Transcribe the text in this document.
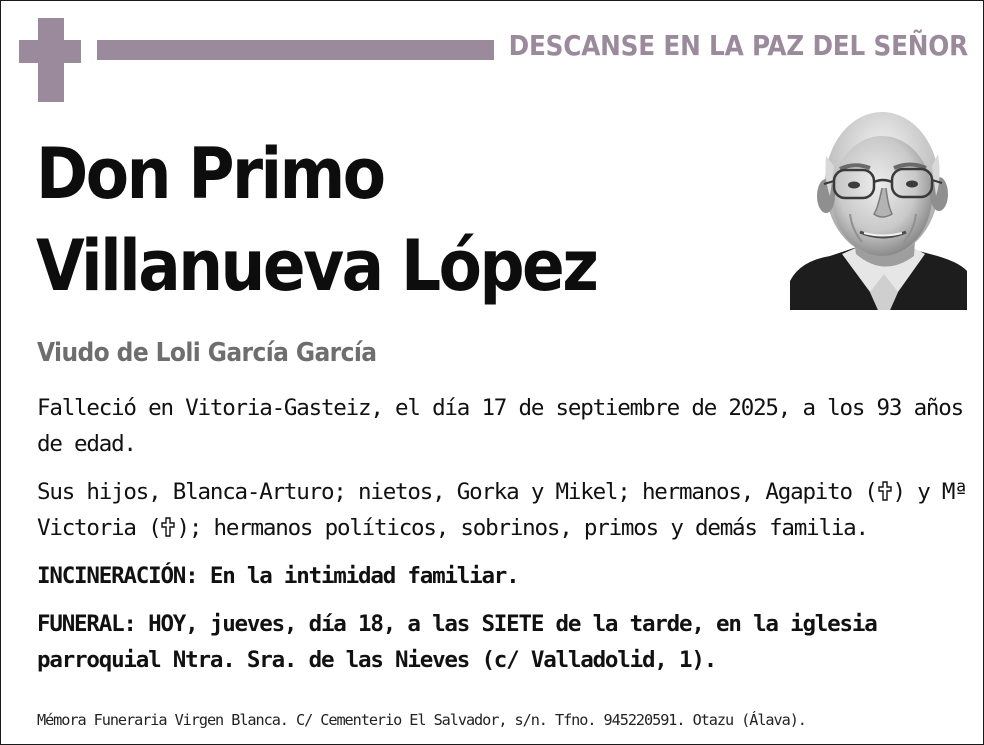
DESCANSE EN LA PAZ DEL SEÑOR
Don Primo
Villanueva López
Viudo de Loli García García
Falleció en Vitoria-Gasteiz, el día 17 de septiembre de 2025, a los 93 años de edad.
Sus hijos, Blanca-Arturo; nietos, Gorka y Mikel; hermanos, Agapito ( ) y Mª Victoria ( ); hermanos políticos, sobrinos, primos y demás familia.
INCINERACIÓN: En la intimidad familiar.
FUNERAL: HOY, jueves, día 18, a las SIETE de la tarde, en la iglesia parroquial Ntra. Sra. de las Nieves (c/ Valladolid, 1).
Mémora Funeraria Virgen Blanca. C/ Cementerio El Salvador, s/n. Tfno. 945220591. Otazu (Álava).
